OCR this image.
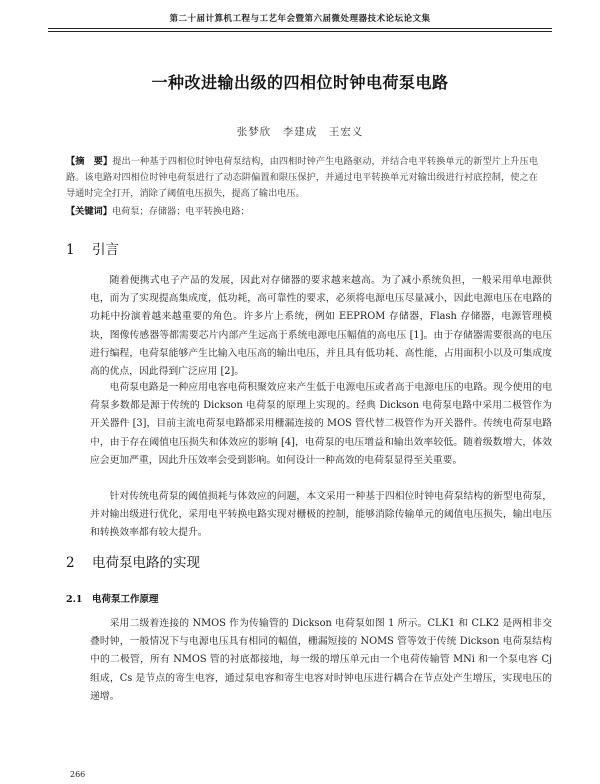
第二十届计算机工程与工艺年会暨第六届微处理器技术论坛论文集
一种改进输出级的四相位时钟电荷泵电路
张梦欣　李建成　王宏义
【摘　要】提出一种基于四相位时钟电荷泵结构，由四相时钟产生电路驱动，并结合电平转换单元的新型片上升压电路。该电路对四相位时钟电荷泵进行了动态阱偏置和限压保护，并通过电平转换单元对输出级进行衬底控制，使之在导通时完全打开，消除了阈值电压损失，提高了输出电压。
【关键词】电荷泵；存储器；电平转换电路；
1 引言

随着便携式电子产品的发展，因此对存储器的要求越来越高。为了减小系统负担，一般采用单电源供电，而为了实现提高集成度，低功耗，高可靠性的要求，必须将电源电压尽量减小，因此电源电压在电路的功耗中扮演着越来越重要的角色。许多片上系统，例如 EEPROM 存储器，Flash 存储器，电源管理模块，图像传感器等都需要芯片内部产生远高于系统电源电压幅值的高电压 [1]。由于存储器需要很高的电压进行编程，电荷泵能够产生比输入电压高的输出电压，并且具有低功耗、高性能，占用面积小以及可集成度高的优点，因此得到广泛应用 [2]。

电荷泵电路是一种应用电容电荷积聚效应来产生低于电源电压或者高于电源电压的电路。现今使用的电荷泵多数都是源于传统的 Dickson 电荷泵的原理上实现的。经典 Dickson 电荷泵电路中采用二极管作为开关器件 [3]，目前主流电荷泵电路都采用栅漏连接的 MOS 管代替二极管作为开关器件。传统电荷泵电路中，由于存在阈值电压损失和体效应的影响 [4]，电荷泵的电压增益和输出效率较低。随着级数增大，体效应会更加严重，因此升压效率会受到影响。如何设计一种高效的电荷泵显得至关重要。

针对传统电荷泵的阈值损耗与体效应的问题，本文采用一种基于四相位时钟电荷泵结构的新型电荷泵，并对输出级进行优化，采用电平转换电路实现对栅极的控制，能够消除传输单元的阈值电压损失，输出电压和转换效率都有较大提升。

2 电荷泵电路的实现
2.1 电荷泵工作原理

采用二级着连接的 NMOS 作为传输管的 Dickson 电荷泵如图 1 所示。CLK1 和 CLK2 是两相非交叠时钟，一般情况下与电源电压具有相同的幅值，栅漏短接的 NOMS 管等效于传统 Dickson 电荷泵结构中的二极管，所有 NMOS 管的衬底都接地，每一级的增压单元由一个电荷传输管 MNi 和一个泵电容 Cj 组成，Cs 是节点的寄生电容，通过泵电容和寄生电容对时钟电压进行耦合在节点处产生增压，实现电压的递增。

266
